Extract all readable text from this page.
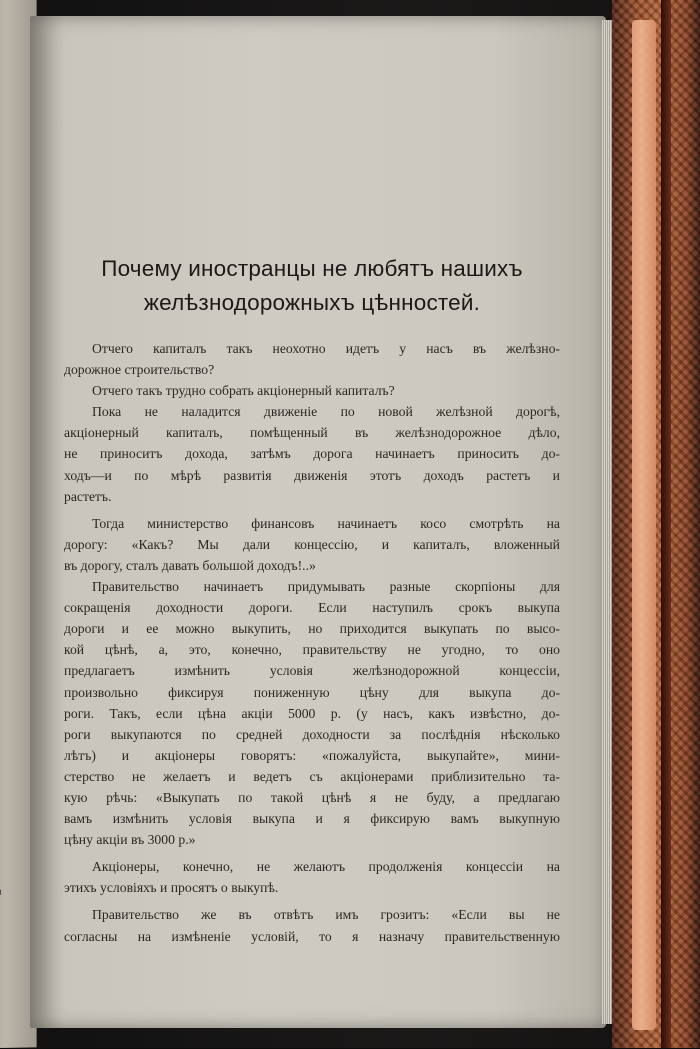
Почему иностранцы не любятъ нашихъ
желѣзнодорожныхъ цѣнностей.
Отчего капиталъ такъ неохотно идетъ у насъ въ желѣзно-
дорожное строительство?
Отчего такъ трудно собрать акціонерный капиталъ?
Пока не наладится движеніе по новой желѣзной дорогѣ,
акціонерный капиталъ, помѣщенный въ желѣзнодорожное дѣло,
не приноситъ дохода, затѣмъ дорога начинаетъ приносить до-
ходъ—и по мѣрѣ развитія движенія этотъ доходъ растетъ и
растетъ.
Тогда министерство финансовъ начинаетъ косо смотрѣть на
дорогу: «Какъ? Мы дали концессію, и капиталъ, вложенный
въ дорогу, сталъ давать большой доходъ!..»
Правительство начинаетъ придумывать разные скорпіоны для
сокращенія доходности дороги. Если наступилъ срокъ выкупа
дороги и ее можно выкупить, но приходится выкупать по высо-
кой цѣнѣ, а, это, конечно, правительству не угодно, то оно
предлагаетъ измѣнить условія желѣзнодорожной концессіи,
произвольно фиксируя пониженную цѣну для выкупа до-
роги. Такъ, если цѣна акціи 5000 р. (у насъ, какъ извѣстно, до-
роги выкупаются по средней доходности за послѣднія нѣсколько
лѣтъ) и акціонеры говорятъ: «пожалуйста, выкупайте», мини-
стерство не желаетъ и ведетъ съ акціонерами приблизительно та-
кую рѣчь: «Выкупать по такой цѣнѣ я не буду, а предлагаю
вамъ измѣнить условія выкупа и я фиксирую вамъ выкупную
цѣну акціи въ 3000 р.»
Акціонеры, конечно, не желаютъ продолженія концессіи на
этихъ условіяхъ и просятъ о выкупѣ.
Правительство же въ отвѣтъ имъ грозитъ: «Если вы не
согласны на измѣненіе условій, то я назначу правительственную
